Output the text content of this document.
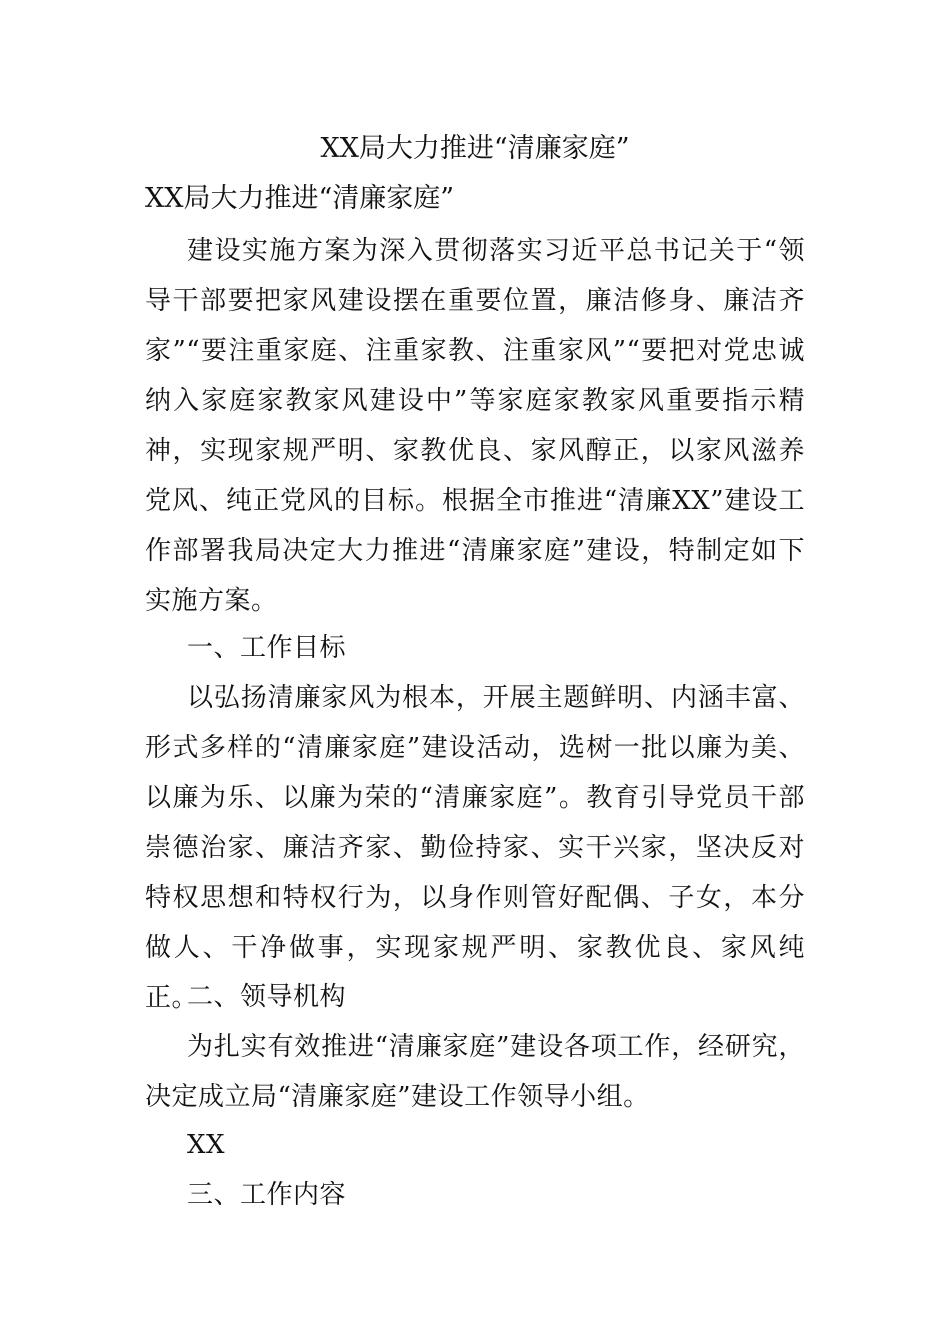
XX局大力推进“清廉家庭”
XX局大力推进“清廉家庭”

建设实施方案为深入贯彻落实习近平总书记关于“领导干部要把家风建设摆在重要位置，廉洁修身、廉洁齐家”“要注重家庭、注重家教、注重家风”“要把对党忠诚纳入家庭家教家风建设中”等家庭家教家风重要指示精神，实现家规严明、家教优良、家风醇正，以家风滋养党风、纯正党风的目标。根据全市推进“清廉XX”建设工作部署我局决定大力推进“清廉家庭”建设，特制定如下实施方案。

一、工作目标

以弘扬清廉家风为根本，开展主题鲜明、内涵丰富、形式多样的“清廉家庭”建设活动，选树一批以廉为美、以廉为乐、以廉为荣的“清廉家庭”。教育引导党员干部崇德治家、廉洁齐家、勤俭持家、实干兴家，坚决反对特权思想和特权行为，以身作则管好配偶、子女，本分做人、干净做事，实现家规严明、家教优良、家风纯正。

二、领导机构

为扎实有效推进“清廉家庭”建设各项工作，经研究，决定成立局“清廉家庭”建设工作领导小组。

XX
三、工作内容
